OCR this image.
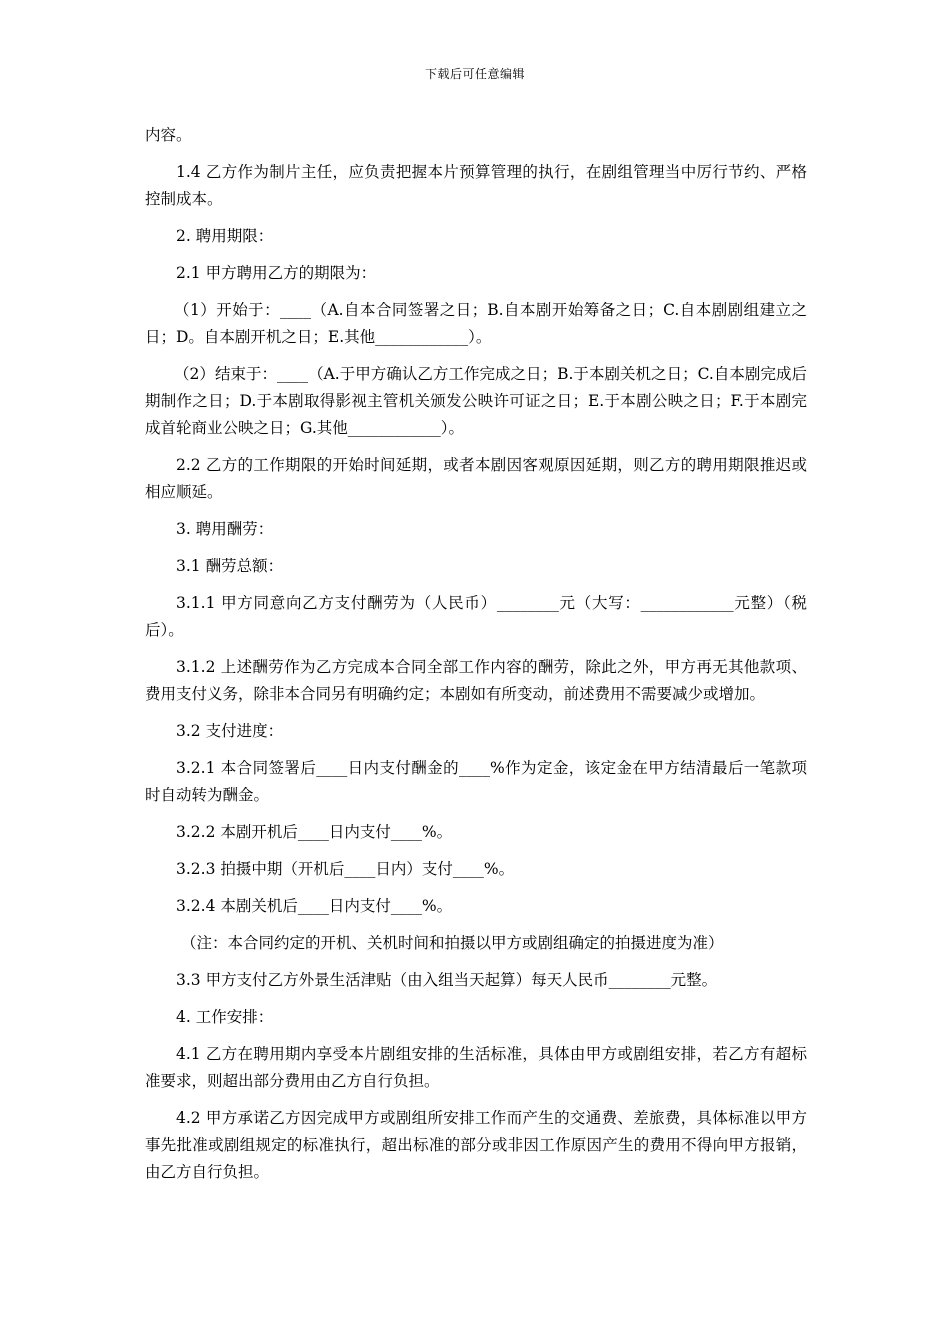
下载后可任意编辑

内容。

1.4 乙方作为制片主任，应负责把握本片预算管理的执行，在剧组管理当中厉行节约、严格控制成本。

2. 聘用期限：

2.1 甲方聘用乙方的期限为：

（1）开始于：____（A.自本合同签署之日；B.自本剧开始筹备之日；C.自本剧剧组建立之日；D。自本剧开机之日；E.其他____________）。

（2）结束于：____（A.于甲方确认乙方工作完成之日；B.于本剧关机之日；C.自本剧完成后期制作之日；D.于本剧取得影视主管机关颁发公映许可证之日；E.于本剧公映之日；F.于本剧完成首轮商业公映之日；G.其他____________）。

2.2 乙方的工作期限的开始时间延期，或者本剧因客观原因延期，则乙方的聘用期限推迟或相应顺延。

3. 聘用酬劳：

3.1 酬劳总额：

3.1.1 甲方同意向乙方支付酬劳为（人民币）________元（大写：____________元整）（税后）。

3.1.2 上述酬劳作为乙方完成本合同全部工作内容的酬劳，除此之外，甲方再无其他款项、费用支付义务，除非本合同另有明确约定；本剧如有所变动，前述费用不需要减少或增加。

3.2 支付进度：

3.2.1 本合同签署后____日内支付酬金的____%作为定金，该定金在甲方结清最后一笔款项时自动转为酬金。

3.2.2 本剧开机后____日内支付____%。

3.2.3 拍摄中期（开机后____日内）支付____%。

3.2.4 本剧关机后____日内支付____%。

（注：本合同约定的开机、关机时间和拍摄以甲方或剧组确定的拍摄进度为准）

3.3 甲方支付乙方外景生活津贴（由入组当天起算）每天人民币________元整。

4. 工作安排：

4.1 乙方在聘用期内享受本片剧组安排的生活标准，具体由甲方或剧组安排，若乙方有超标准要求，则超出部分费用由乙方自行负担。

4.2 甲方承诺乙方因完成甲方或剧组所安排工作而产生的交通费、差旅费，具体标准以甲方事先批准或剧组规定的标准执行，超出标准的部分或非因工作原因产生的费用不得向甲方报销，由乙方自行负担。
